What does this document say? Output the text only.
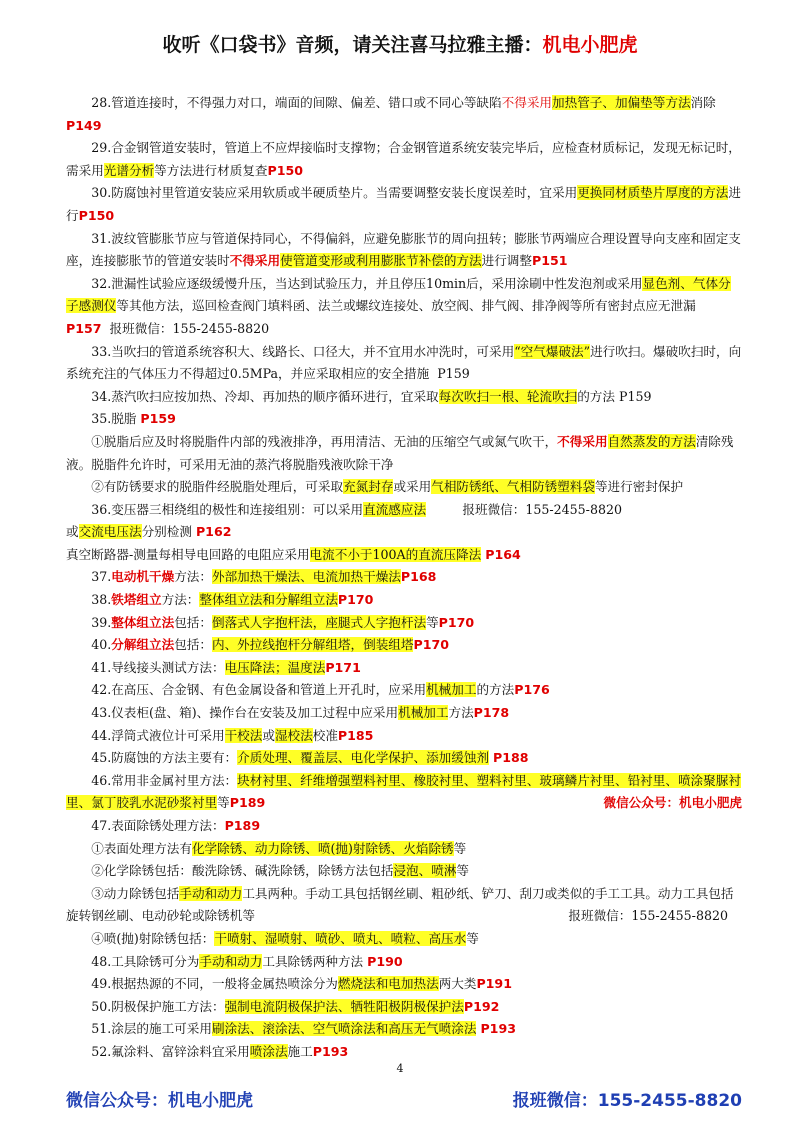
收听《口袋书》音频，请关注喜马拉雅主播：机电小肥虎

28.管道连接时，不得强力对口，端面的间隙、偏差、错口或不同心等缺陷不得采用加热管子、加偏垫等方法消除P149

29.合金钢管道安装时，管道上不应焊接临时支撑物；合金钢管道系统安装完毕后，应检查材质标记，发现无标记时，需采用光谱分析等方法进行材质复查P150

30.防腐蚀衬里管道安装应采用软质或半硬质垫片。当需要调整安装长度误差时，宜采用更换同材质垫片厚度的方法进行P150

31.波纹管膨胀节应与管道保持同心，不得偏斜，应避免膨胀节的周向扭转；膨胀节两端应合理设置导向支座和固定支座，连接膨胀节的管道安装时不得采用使管道变形或利用膨胀节补偿的方法进行调整P151

32.泄漏性试验应逐级缓慢升压，当达到试验压力，并且停压10min后，采用涂刷中性发泡剂或采用显色剂、气体分子感测仪等其他方法，巡回检查阀门填料函、法兰或螺纹连接处、放空阀、排气阀、排净阀等所有密封点应无泄漏P157 报班微信：155-2455-8820

33.当吹扫的管道系统容积大、线路长、口径大，并不宜用水冲洗时，可采用“空气爆破法”进行吹扫。爆破吹扫时，向系统充注的气体压力不得超过0.5MPa，并应采取相应的安全措施 P159

34.蒸汽吹扫应按加热、冷却、再加热的顺序循环进行，宜采取每次吹扫一根、轮流吹扫的方法 P159

35.脱脂 P159

①脱脂后应及时将脱脂件内部的残液排净，再用清洁、无油的压缩空气或氮气吹干，不得采用自然蒸发的方法清除残液。脱脂件允许时，可采用无油的蒸汽将脱脂残液吹除干净

②有防锈要求的脱脂件经脱脂处理后，可采取充氮封存或采用气相防锈纸、气相防锈塑料袋等进行密封保护
报班微信：155-2455-8820

36.变压器三相绕组的极性和连接组别：可以采用直流感应法或交流电压法分别检测 P162

真空断路器-测量每相导电回路的电阻应采用电流不小于100A的直流压降法 P164

37.电动机干燥方法：外部加热干燥法、电流加热干燥法P168

38.铁塔组立方法：整体组立法和分解组立法P170

39.整体组立法包括：倒落式人字抱杆法，座腿式人字抱杆法等P170

40.分解组立法包括：内、外拉线抱杆分解组塔，倒装组塔P170

41.导线接头测试方法：电压降法；温度法P171

42.在高压、合金钢、有色金属设备和管道上开孔时，应采用机械加工的方法P176

43.仪表柜(盘、箱)、操作台在安装及加工过程中应采用机械加工方法P178

44.浮筒式液位计可采用干校法或湿校法校准P185

45.防腐蚀的方法主要有：介质处理、覆盖层、电化学保护、添加缓蚀剂 P188

46.常用非金属衬里方法：块材衬里、纤维增强塑料衬里、橡胶衬里、塑料衬里、玻璃鳞片衬里、铅衬里、喷涂聚脲衬里、氯丁胶乳水泥砂浆衬里等P189	微信公众号：机电小肥虎

47.表面除锈处理方法：P189

①表面处理方法有化学除锈、动力除锈、喷(抛)射除锈、火焰除锈等

②化学除锈包括：酸洗除锈、碱洗除锈，除锈方法包括浸泡、喷淋等

③动力除锈包括手动和动力工具两种。手动工具包括钢丝刷、粗砂纸、铲刀、刮刀或类似的手工工具。动力工具包括旋转钢丝刷、电动砂轮或除锈机等	报班微信：155-2455-8820

④喷(抛)射除锈包括：干喷射、湿喷射、喷砂、喷丸、喷粒、高压水等

48.工具除锈可分为手动和动力工具除锈两种方法 P190

49.根据热源的不同，一般将金属热喷涂分为燃烧法和电加热法两大类P191

50.阴极保护施工方法：强制电流阴极保护法、牺牲阳极阴极保护法P192

51.涂层的施工可采用刷涂法、滚涂法、空气喷涂法和高压无气喷涂法 P193

52.氟涂料、富锌涂料宜采用喷涂法施工P193

4
微信公众号：机电小肥虎	报班微信：155-2455-8820
